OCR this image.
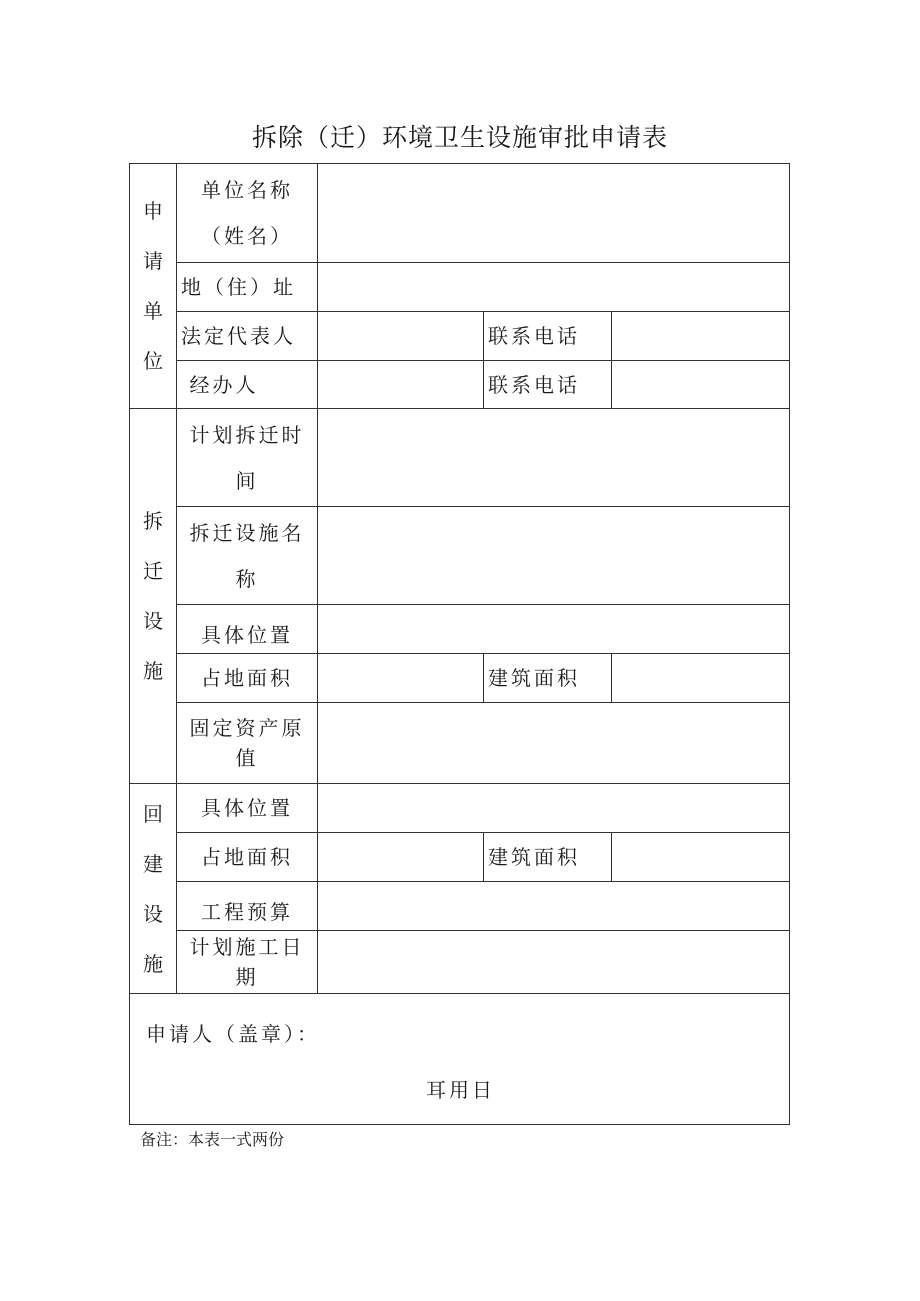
拆除（迁）环境卫生设施审批申请表
申
请
单
位
单位名称（姓名）
地（住）址
法定代表人	联系电话
经办人	联系电话
拆
迁
设
施
计划拆迁时间
拆迁设施名称
具体位置
占地面积	建筑面积
固定资产原值
回
建
设
施
具体位置
占地面积	建筑面积
工程预算
计划施工日期
申请人（盖章）：
耳用日
备注：本表一式两份
